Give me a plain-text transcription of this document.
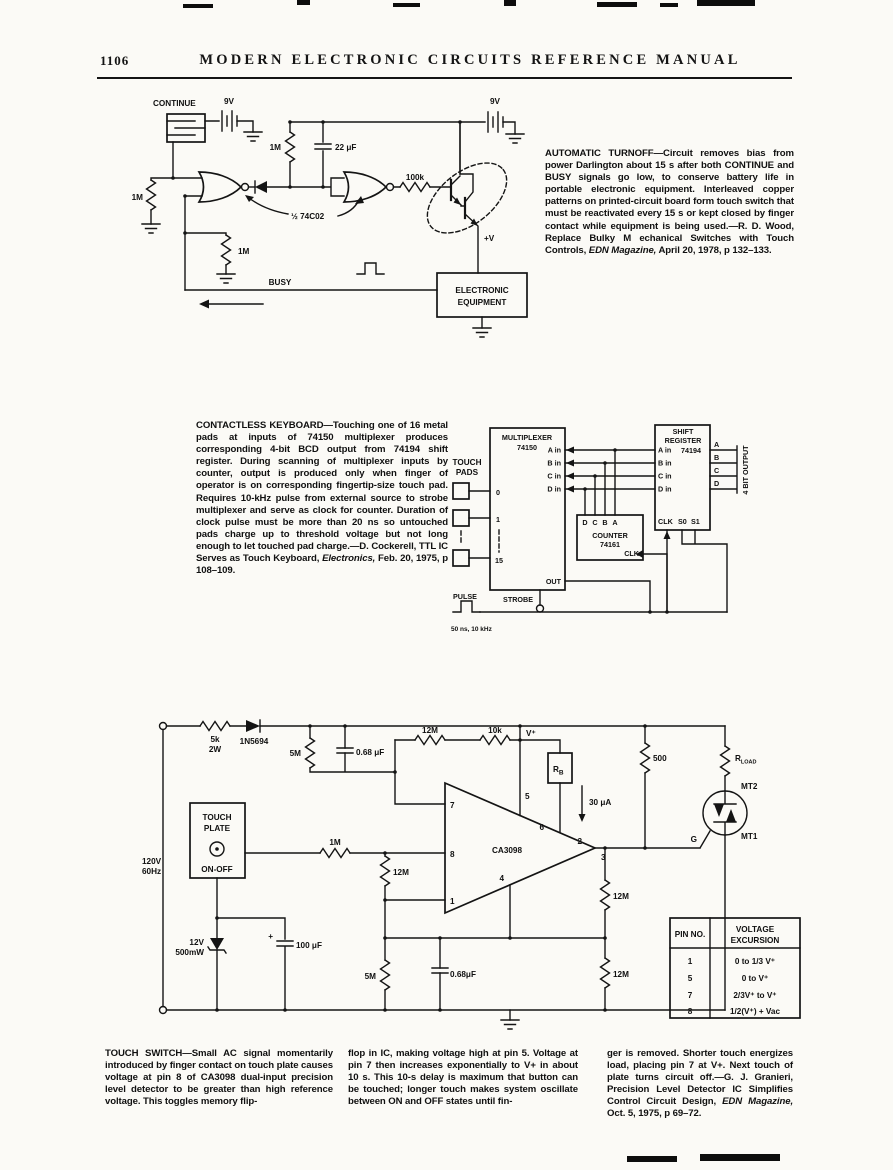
1106	MODERN ELECTRONIC CIRCUITS REFERENCE MANUAL
CONTINUE	9V	9V
1M	22 μF
1M
1M
½ 74C02
100k
+V
BUSY
ELECTRONIC
EQUIPMENT
AUTOMATIC TURNOFF—Circuit removes bias from power Darlington about 15 s after both CONTINUE and BUSY signals go low, to conserve battery life in portable electronic equipment. Interleaved copper patterns on printed-circuit board form touch switch that must be reactivated every 15 s or kept closed by finger contact while equipment is being used.—R. D. Wood, Replace Bulky M echanical Switches with Touch Controls, EDN Magazine, April 20, 1978, p 132–133.
TOUCH
PADS
MULTIPLEXER
74150
0
1
15
A in
B in
C in
D in
OUT
STROBE
SHIFT
REGISTER
74194
A in
B in
C in
D in
CLK S0 S1
A
B
C
D	4 BIT OUTPUT
D C B A
COUNTER
74161
CLK
PULSE
50 ns, 10 kHz
CONTACTLESS KEYBOARD—Touching one of 16 metal pads at inputs of 74150 multiplexer produces corresponding 4-bit BCD output from 74194 shift register. During scanning of multiplexer inputs by counter, output is produced only when finger of operator is on corresponding fingertip-size touch pad. Requires 10-kHz pulse from external source to strobe multiplexer and serve as clock for counter. Duration of clock pulse must be more than 20 ns so untouched pads charge up to threshold voltage but not long enough to let touched pad charge.—D. Cockerell, TTL IC Serves as Touch Keyboard, Electronics, Feb. 20, 1975, p 108–109.
PIN NO.
VOLTAGE
EXCURSION
1	0 to 1/3 V⁺
5	0 to V⁺
7	2/3V⁺ to V⁺
8	1/2(V⁺) + Vac
5k
2W
1N5694
5M	0.68 μF
12M	10k	V⁺
$R_B$
30 μA
500	$R_{LOAD}$
MT2
MT1
G
TOUCH
PLATE
ON-OFF
120V
60Hz
1M
12M
7
5
6
8
2
3
1
4
CA3098
12V
500mW
+
100 μF
5M	0.68μF
12M
12M
TOUCH SWITCH—Small AC signal momentarily introduced by finger contact on touch plate causes voltage at pin 8 of CA3098 dual-input precision level detector to be greater than high reference voltage. This toggles memory flip-
flop in IC, making voltage high at pin 5. Voltage at pin 7 then increases exponentially to V+ in about 10 s. This 10-s delay is maximum that button can be touched; longer touch makes system oscillate between ON and OFF states until fin-
ger is removed. Shorter touch energizes load, placing pin 7 at V+. Next touch of plate turns circuit off.—G. J. Granieri, Precision Level Detector IC Simplifies Control Circuit Design, EDN Magazine, Oct. 5, 1975, p 69–72.
